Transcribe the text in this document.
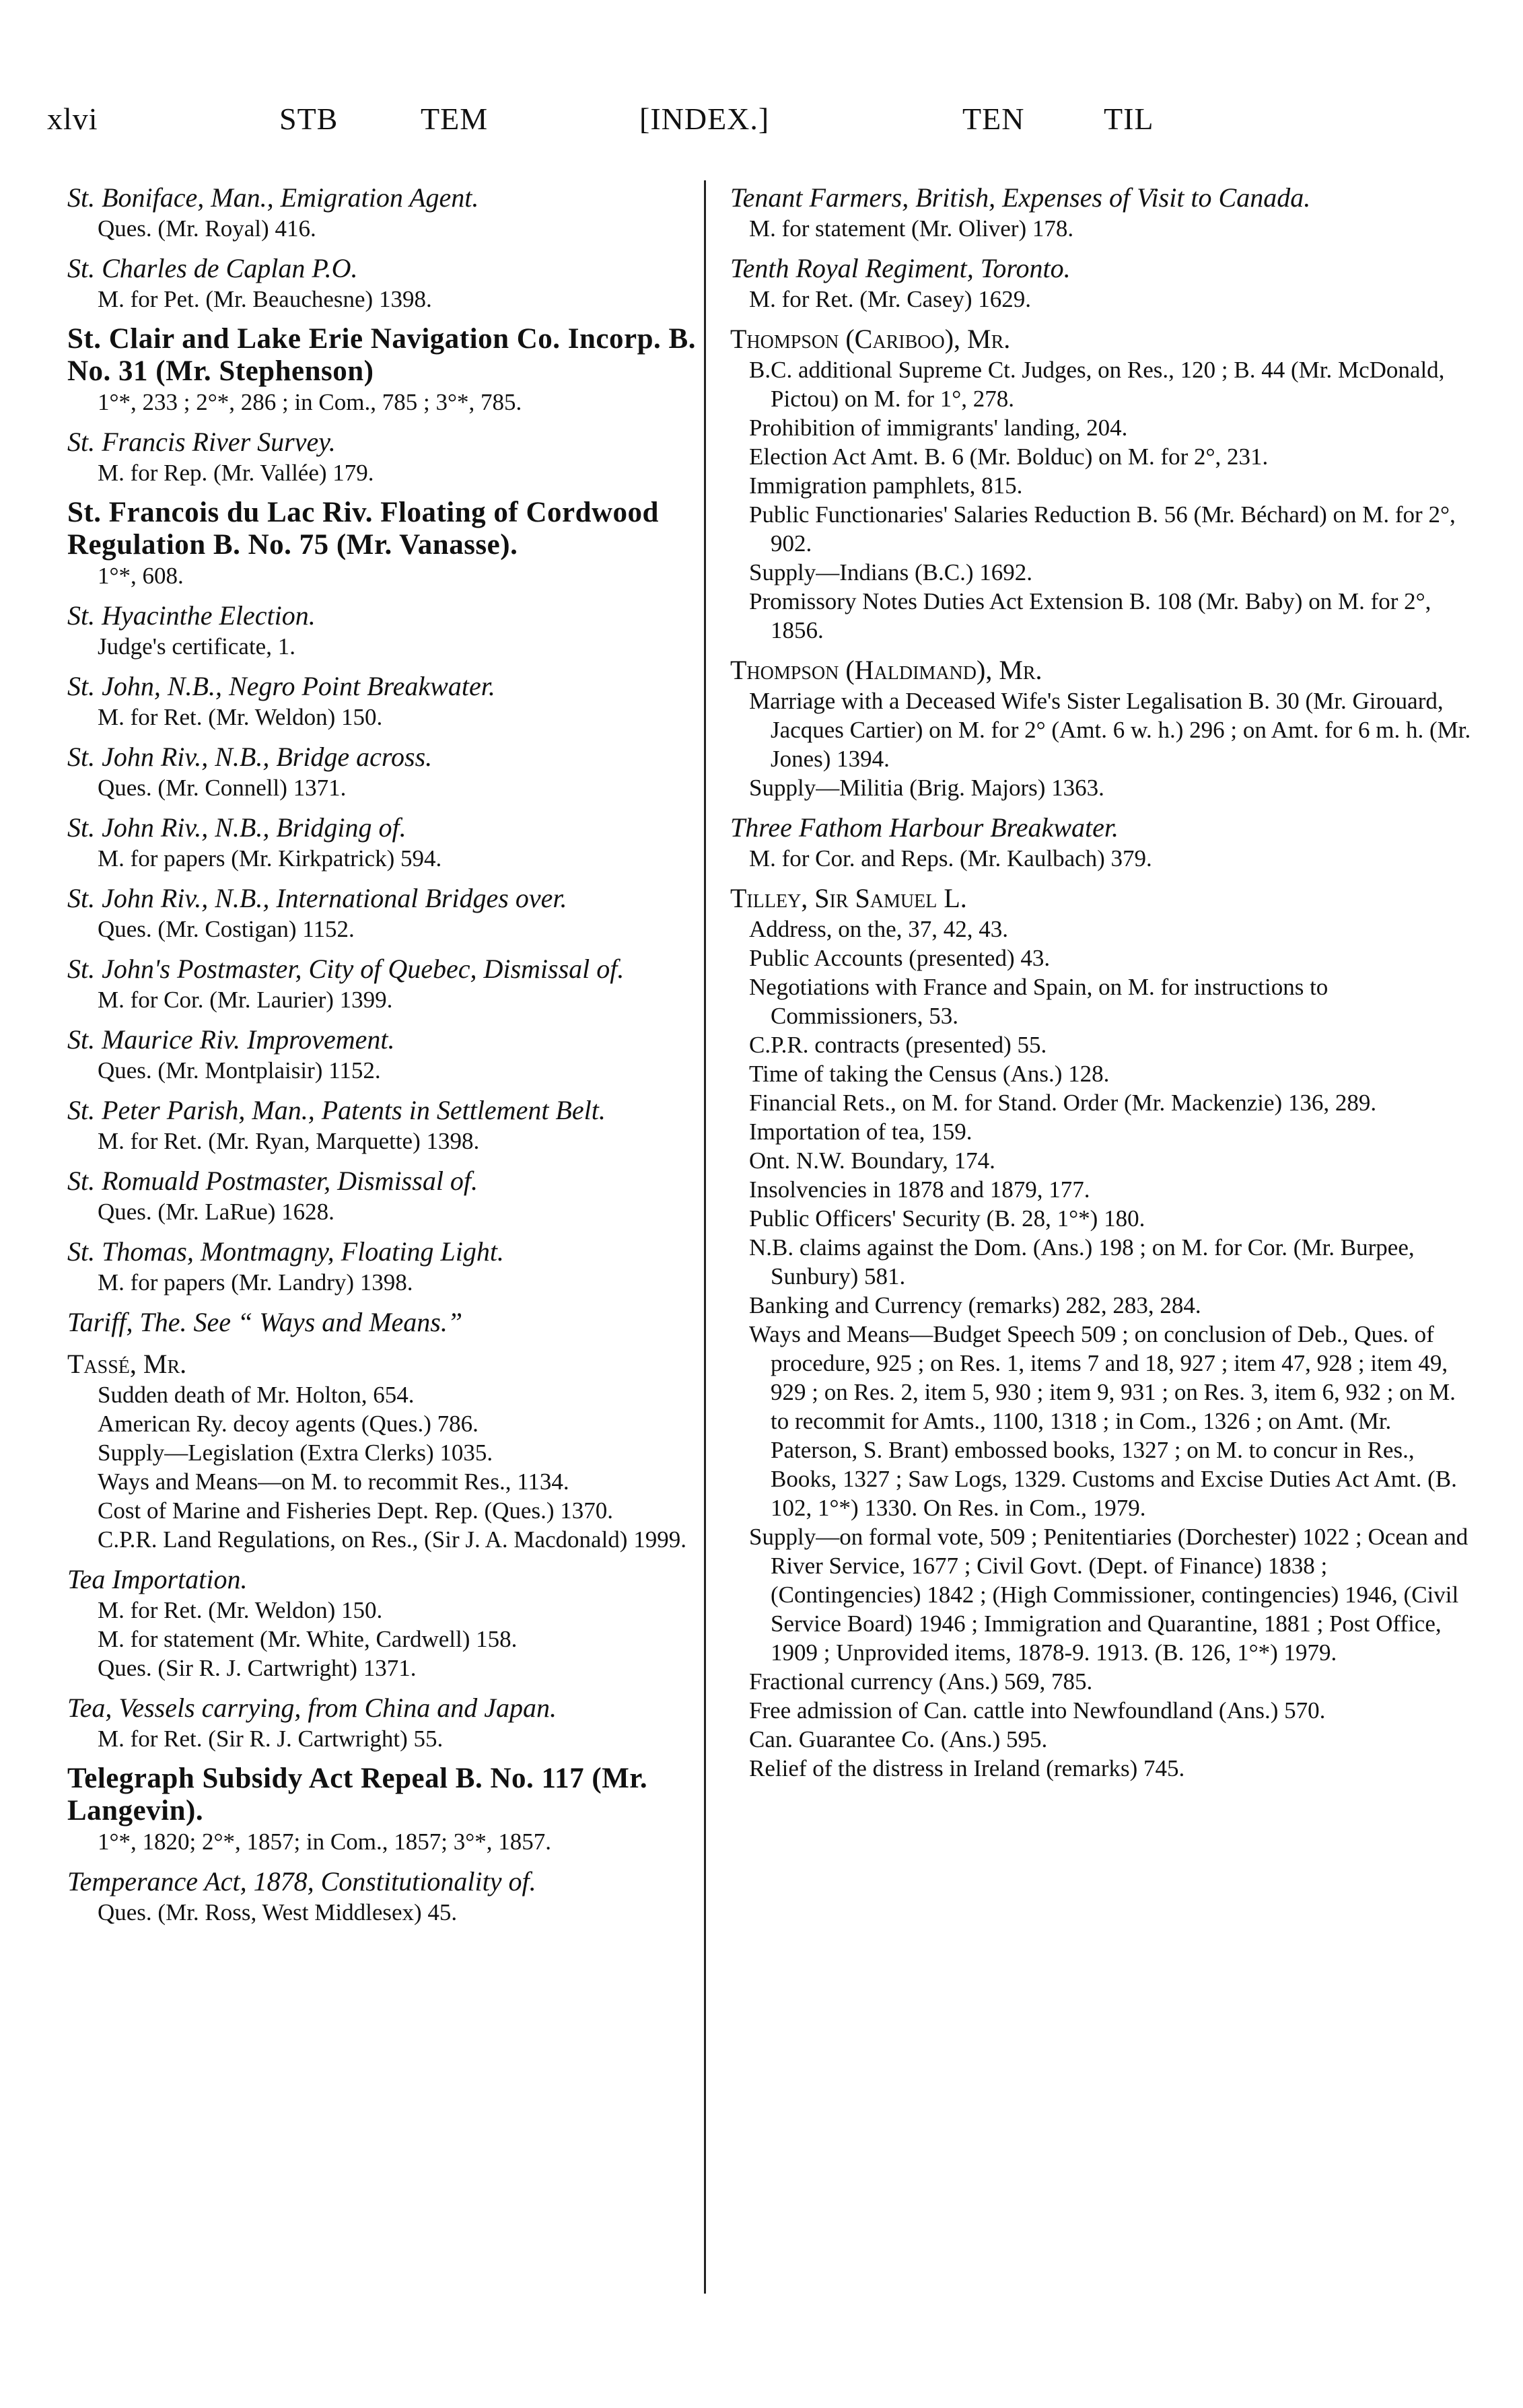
xlvi	STB	TEM	[INDEX.]	TEN	TIL
St. Boniface, Man., Emigration Agent.
Ques. (Mr. Royal) 416.
St. Charles de Caplan P.O.
M. for Pet. (Mr. Beauchesne) 1398.
St. Clair and Lake Erie Navigation Co. Incorp. B. No. 31 (Mr. Stephenson)
1°*, 233 ; 2°*, 286 ; in Com., 785 ; 3°*, 785.
St. Francis River Survey.
M. for Rep. (Mr. Vallée) 179.
St. Francois du Lac Riv. Floating of Cordwood Regulation B. No. 75 (Mr. Vanasse).
1°*, 608.
St. Hyacinthe Election.
Judge's certificate, 1.
St. John, N.B., Negro Point Breakwater.
M. for Ret. (Mr. Weldon) 150.
St. John Riv., N.B., Bridge across.
Ques. (Mr. Connell) 1371.
St. John Riv., N.B., Bridging of.
M. for papers (Mr. Kirkpatrick) 594.
St. John Riv., N.B., International Bridges over.
Ques. (Mr. Costigan) 1152.
St. John's Postmaster, City of Quebec, Dismissal of.
M. for Cor. (Mr. Laurier) 1399.
St. Maurice Riv. Improvement.
Ques. (Mr. Montplaisir) 1152.
St. Peter Parish, Man., Patents in Settlement Belt.
M. for Ret. (Mr. Ryan, Marquette) 1398.
St. Romuald Postmaster, Dismissal of.
Ques. (Mr. LaRue) 1628.
St. Thomas, Montmagny, Floating Light.
M. for papers (Mr. Landry) 1398.
Tariff, The. See “ Ways and Means.”
Tassé, Mr.
Sudden death of Mr. Holton, 654.
American Ry. decoy agents (Ques.) 786.
Supply—Legislation (Extra Clerks) 1035.
Ways and Means—on M. to recommit Res., 1134.
Cost of Marine and Fisheries Dept. Rep. (Ques.) 1370.
C.P.R. Land Regulations, on Res., (Sir J. A. Macdonald) 1999.
Tea Importation.
M. for Ret. (Mr. Weldon) 150.
M. for statement (Mr. White, Cardwell) 158.
Ques. (Sir R. J. Cartwright) 1371.
Tea, Vessels carrying, from China and Japan.
M. for Ret. (Sir R. J. Cartwright) 55.
Telegraph Subsidy Act Repeal B. No. 117 (Mr. Langevin).
1°*, 1820; 2°*, 1857; in Com., 1857; 3°*, 1857.
Temperance Act, 1878, Constitutionality of.
Ques. (Mr. Ross, West Middlesex) 45.
Tenant Farmers, British, Expenses of Visit to Canada.
M. for statement (Mr. Oliver) 178.
Tenth Royal Regiment, Toronto.
M. for Ret. (Mr. Casey) 1629.
Thompson (Cariboo), Mr.
B.C. additional Supreme Ct. Judges, on Res., 120 ; B. 44 (Mr. McDonald, Pictou) on M. for 1°, 278.
Prohibition of immigrants' landing, 204.
Election Act Amt. B. 6 (Mr. Bolduc) on M. for 2°, 231.
Immigration pamphlets, 815.
Public Functionaries' Salaries Reduction B. 56 (Mr. Béchard) on M. for 2°, 902.
Supply—Indians (B.C.) 1692.
Promissory Notes Duties Act Extension B. 108 (Mr. Baby) on M. for 2°, 1856.
Thompson (Haldimand), Mr.
Marriage with a Deceased Wife's Sister Legalisation B. 30 (Mr. Girouard, Jacques Cartier) on M. for 2° (Amt. 6 w. h.) 296 ; on Amt. for 6 m. h. (Mr. Jones) 1394.
Supply—Militia (Brig. Majors) 1363.
Three Fathom Harbour Breakwater.
M. for Cor. and Reps. (Mr. Kaulbach) 379.
Tilley, Sir Samuel L.
Address, on the, 37, 42, 43.
Public Accounts (presented) 43.
Negotiations with France and Spain, on M. for instructions to Commissioners, 53.
C.P.R. contracts (presented) 55.
Time of taking the Census (Ans.) 128.
Financial Rets., on M. for Stand. Order (Mr. Mackenzie) 136, 289.
Importation of tea, 159.
Ont. N.W. Boundary, 174.
Insolvencies in 1878 and 1879, 177.
Public Officers' Security (B. 28, 1°*) 180.
N.B. claims against the Dom. (Ans.) 198 ; on M. for Cor. (Mr. Burpee, Sunbury) 581.
Banking and Currency (remarks) 282, 283, 284.
Ways and Means—Budget Speech 509 ; on conclusion of Deb., Ques. of procedure, 925 ; on Res. 1, items 7 and 18, 927 ; item 47, 928 ; item 49, 929 ; on Res. 2, item 5, 930 ; item 9, 931 ; on Res. 3, item 6, 932 ; on M. to recommit for Amts., 1100, 1318 ; in Com., 1326 ; on Amt. (Mr. Paterson, S. Brant) embossed books, 1327 ; on M. to concur in Res., Books, 1327 ; Saw Logs, 1329. Customs and Excise Duties Act Amt. (B. 102, 1°*) 1330. On Res. in Com., 1979.
Supply—on formal vote, 509 ; Penitentiaries (Dorchester) 1022 ; Ocean and River Service, 1677 ; Civil Govt. (Dept. of Finance) 1838 ; (Contingencies) 1842 ; (High Commissioner, contingencies) 1946, (Civil Service Board) 1946 ; Immigration and Quarantine, 1881 ; Post Office, 1909 ; Unprovided items, 1878-9. 1913. (B. 126, 1°*) 1979.
Fractional currency (Ans.) 569, 785.
Free admission of Can. cattle into Newfoundland (Ans.) 570.
Can. Guarantee Co. (Ans.) 595.
Relief of the distress in Ireland (remarks) 745.
